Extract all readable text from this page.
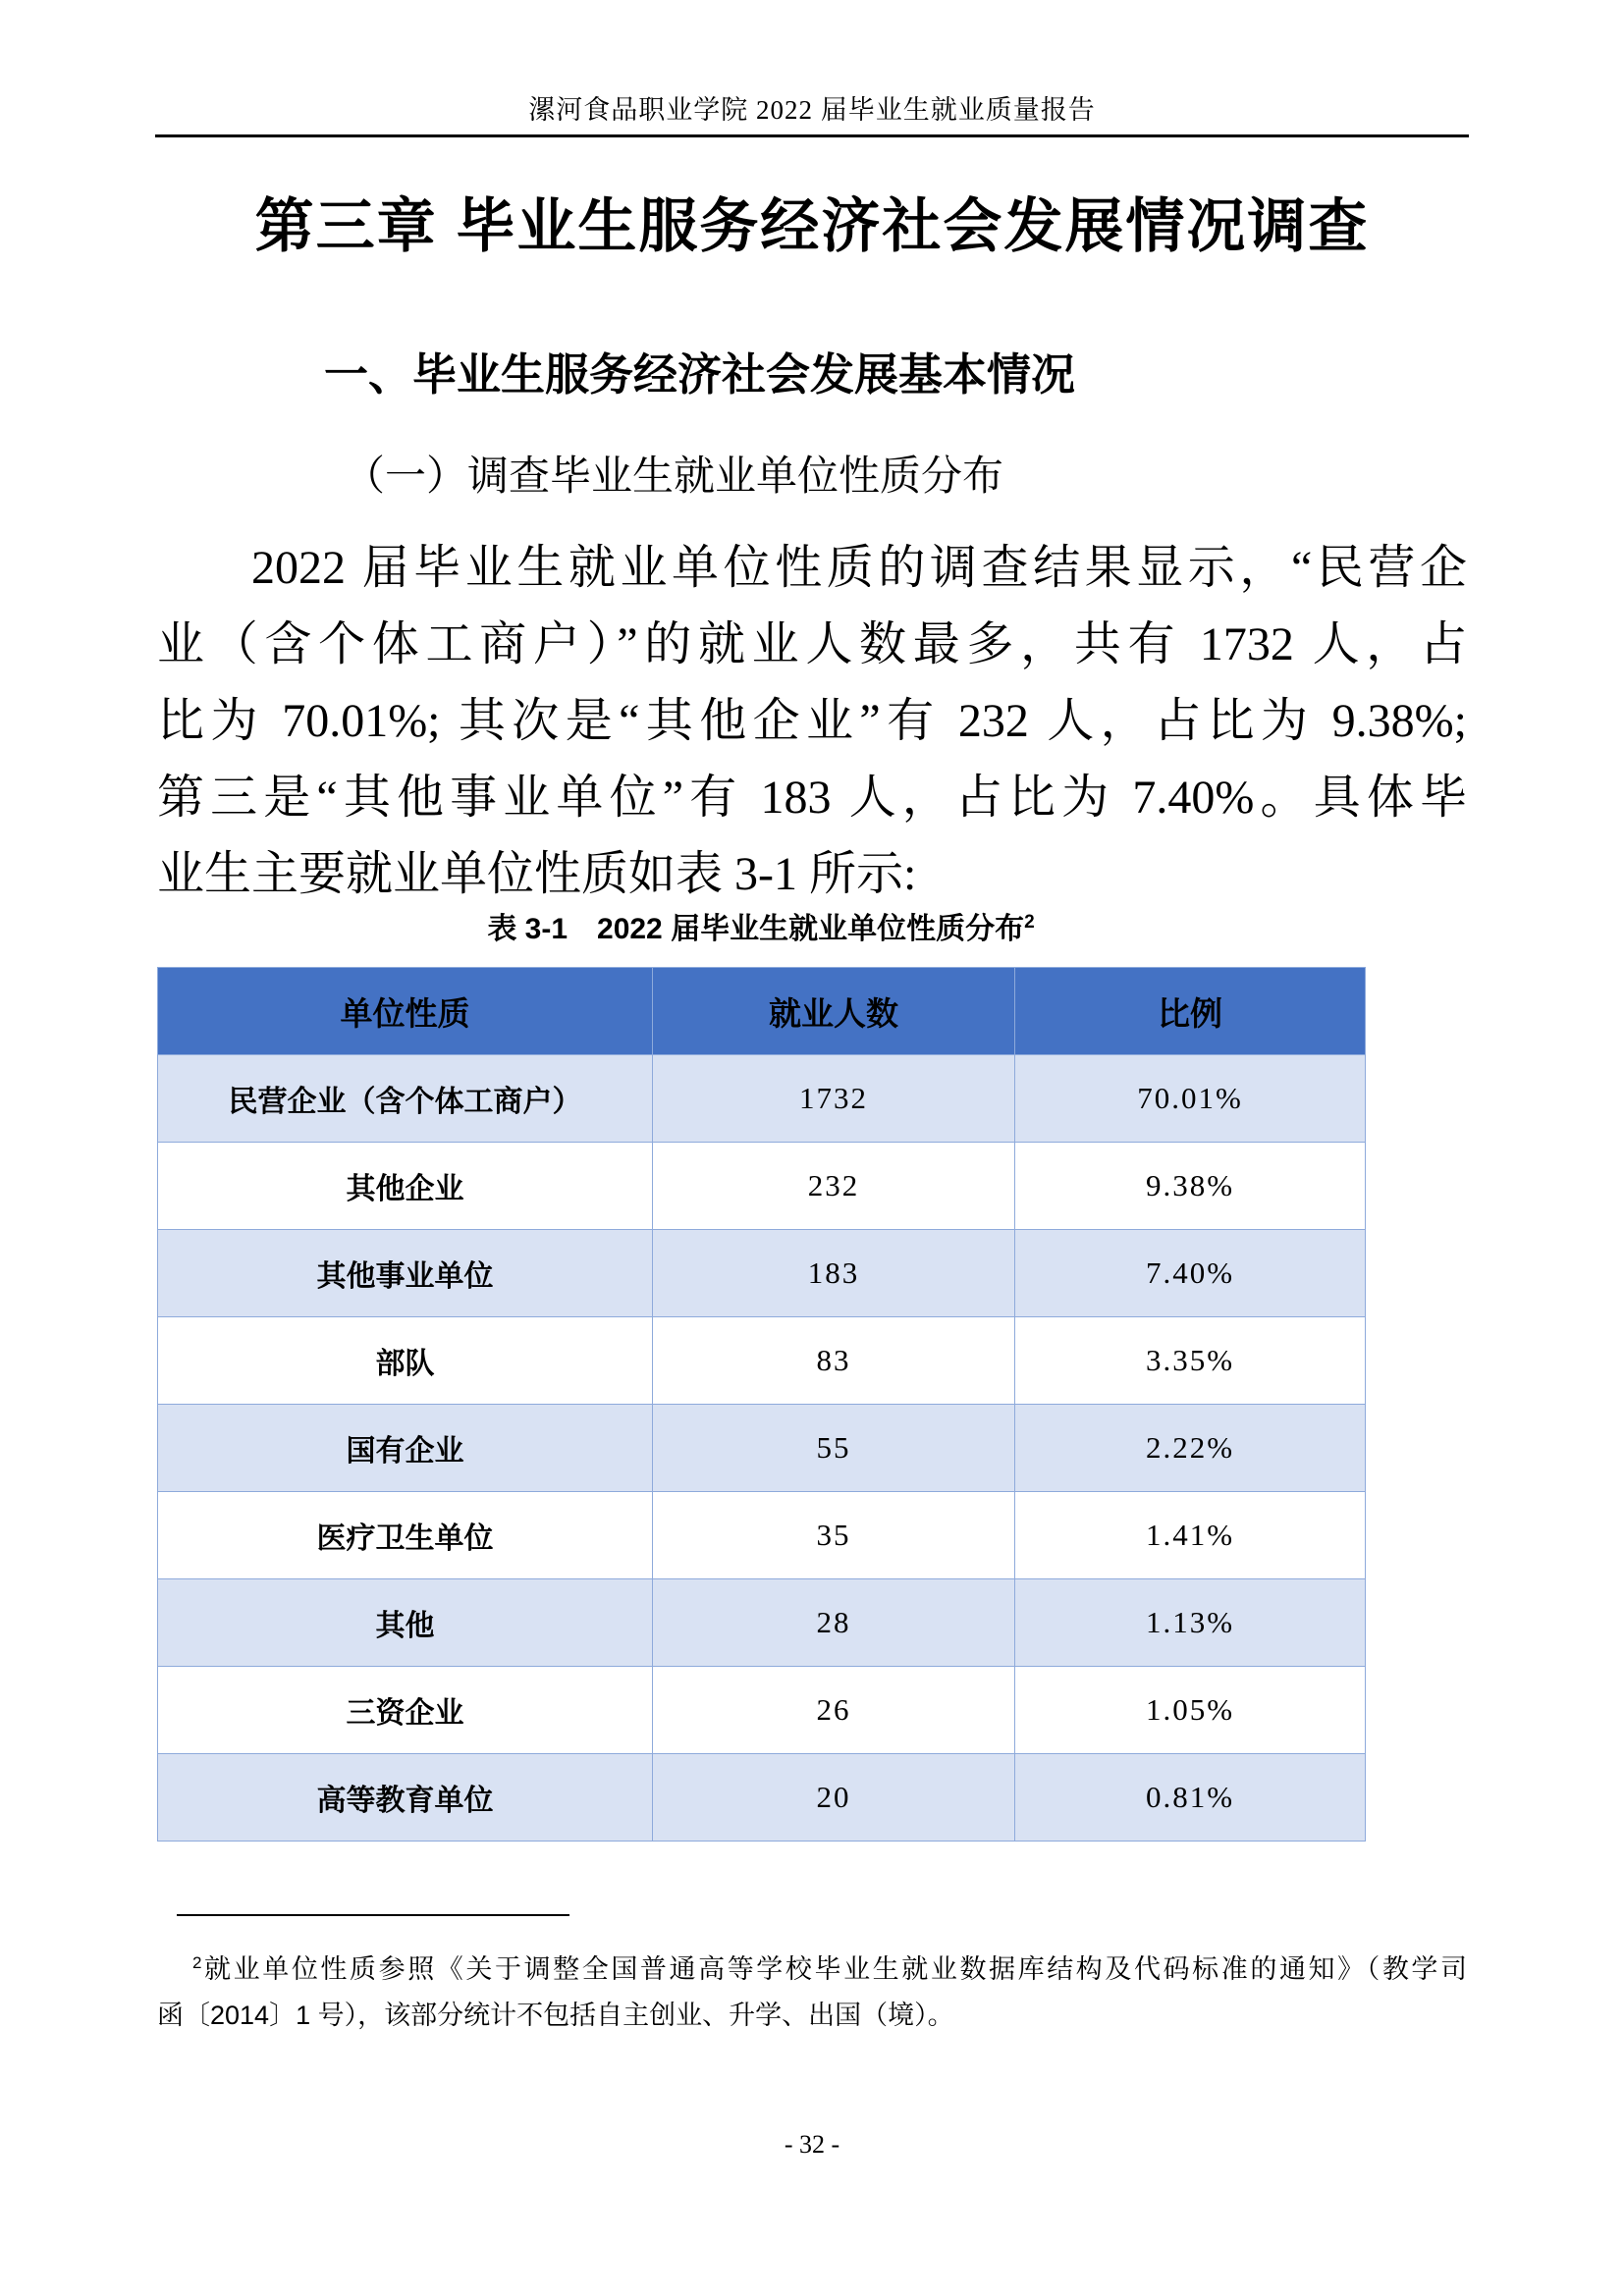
漯河食品职业学院 2022 届毕业生就业质量报告
第三章 毕业生服务经济社会发展情况调查
一、毕业生服务经济社会发展基本情况
（一）调查毕业生就业单位性质分布
2022 届毕业生就业单位性质的调查结果显示，“民营企
业（含个体工商户）”的就业人数最多，共有 1732 人，占
比为 70.01%; 其次是“其他企业”有 232 人，占比为 9.38%;
第三是“其他事业单位”有 183 人，占比为 7.40%。具体毕
业生主要就业单位性质如表 3-1 所示:
表 3-1　2022 届毕业生就业单位性质分布$^2$
单位性质	就业人数	比例
民营企业（含个体工商户）	1732	70.01%
其他企业	232	9.38%
其他事业单位	183	7.40%
部队	83	3.35%
国有企业	55	2.22%
医疗卫生单位	35	1.41%
其他	28	1.13%
三资企业	26	1.05%
高等教育单位	20	0.81%
$^2$就业单位性质参照《关于调整全国普通高等学校毕业生就业数据库结构及代码标准的通知》（教学司
函〔2014〕1 号），该部分统计不包括自主创业、升学、出国（境）。
- 32 -
